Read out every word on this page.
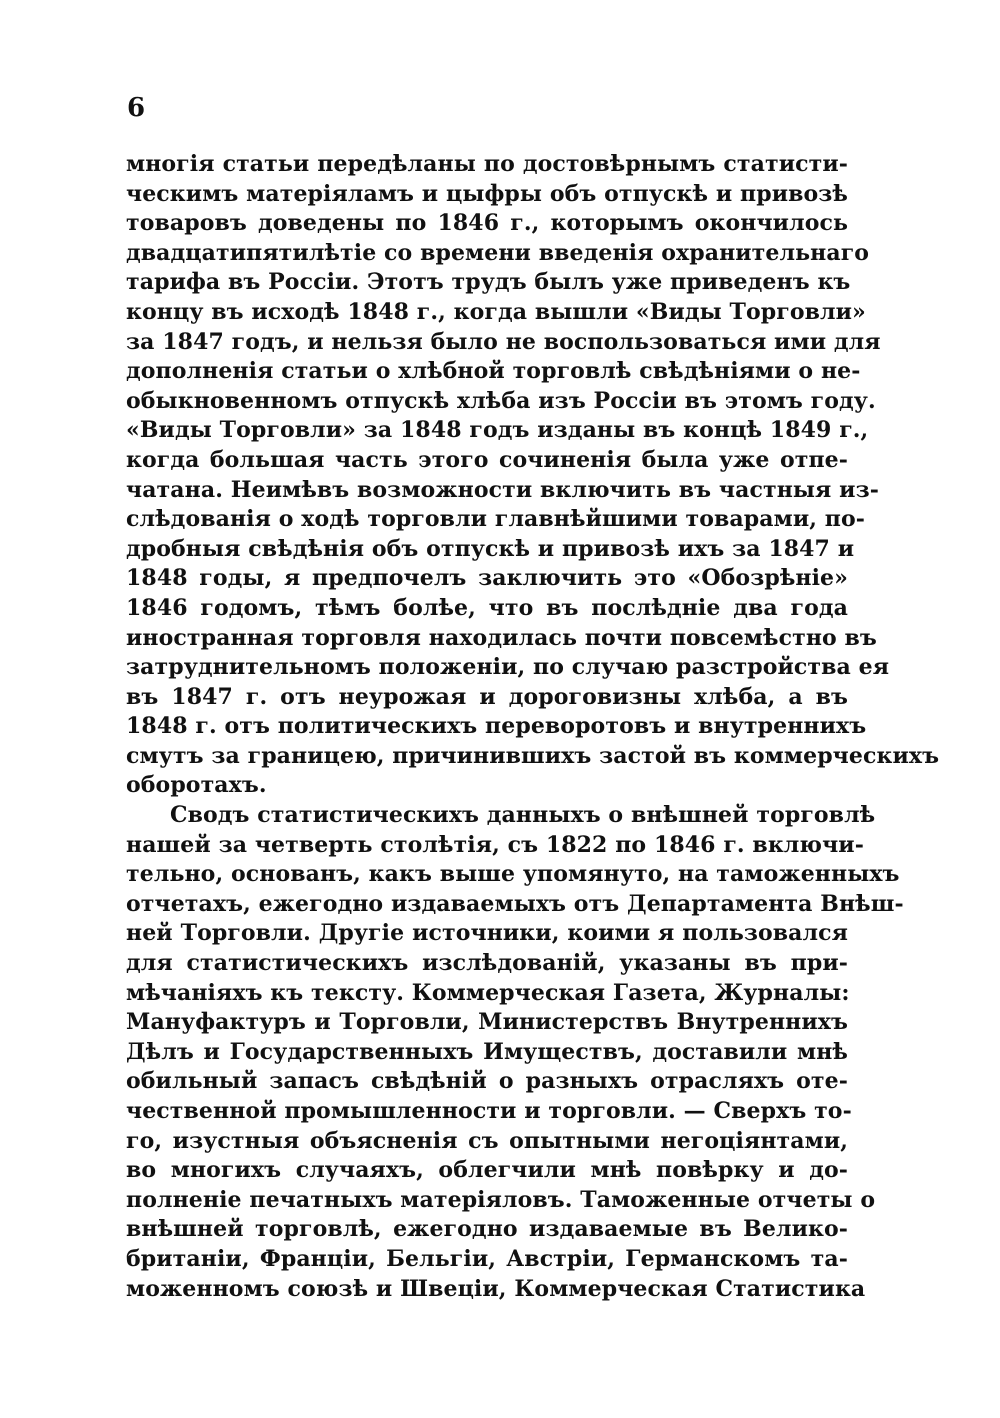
6

многія статьи передѣланы по достовѣрнымъ статисти-
ческимъ матеріяламъ и цыфры объ отпускѣ и привозѣ
товаровъ доведены по 1846 г., которымъ окончилось
двадцатипятилѣтіе со времени введенія охранительнаго
тарифа въ Россіи. Этотъ трудъ былъ уже приведенъ къ
концу въ исходѣ 1848 г., когда вышли «Виды Торговли»
за 1847 годъ, и нельзя было не воспользоваться ими для
дополненія статьи о хлѣбной торговлѣ свѣдѣніями о не-
обыкновенномъ отпускѣ хлѣба изъ Россіи въ этомъ году.
«Виды Торговли» за 1848 годъ изданы въ концѣ 1849 г.,
когда большая часть этого сочиненія была уже отпе-
чатана. Неимѣвъ возможности включить въ частныя из-
слѣдованія о ходѣ торговли главнѣйшими товарами, по-
дробныя свѣдѣнія объ отпускѣ и привозѣ ихъ за 1847 и
1848 годы, я предпочелъ заключить это «Обозрѣніе»
1846 годомъ, тѣмъ болѣе, что въ послѣдніе два года
иностранная торговля находилась почти повсемѣстно въ
затруднительномъ положеніи, по случаю разстройства ея
въ 1847 г. отъ неурожая и дороговизны хлѣба, а въ
1848 г. отъ политическихъ переворотовъ и внутреннихъ
смутъ за границею, причинившихъ застой въ коммерческихъ
оборотахъ.
Сводъ статистическихъ данныхъ о внѣшней торговлѣ
нашей за четверть столѣтія, съ 1822 по 1846 г. включи-
тельно, основанъ, какъ выше упомянуто, на таможенныхъ
отчетахъ, ежегодно издаваемыхъ отъ Департамента Внѣш-
ней Торговли. Другіе источники, коими я пользовался
для статистическихъ изслѣдованій, указаны въ при-
мѣчаніяхъ къ тексту. Коммерческая Газета, Журналы:
Мануфактуръ и Торговли, Министерствъ Внутреннихъ
Дѣлъ и Государственныхъ Имуществъ, доставили мнѣ
обильный запасъ свѣдѣній о разныхъ отрасляхъ оте-
чественной промышленности и торговли. — Сверхъ то-
го, изустныя объясненія съ опытными негоціянтами,
во многихъ случаяхъ, облегчили мнѣ повѣрку и до-
полненіе печатныхъ матеріяловъ. Таможенные отчеты о
внѣшней торговлѣ, ежегодно издаваемые въ Велико-
британіи, Франціи, Бельгіи, Австріи, Германскомъ та-
моженномъ союзѣ и Швеціи, Коммерческая Статистика
